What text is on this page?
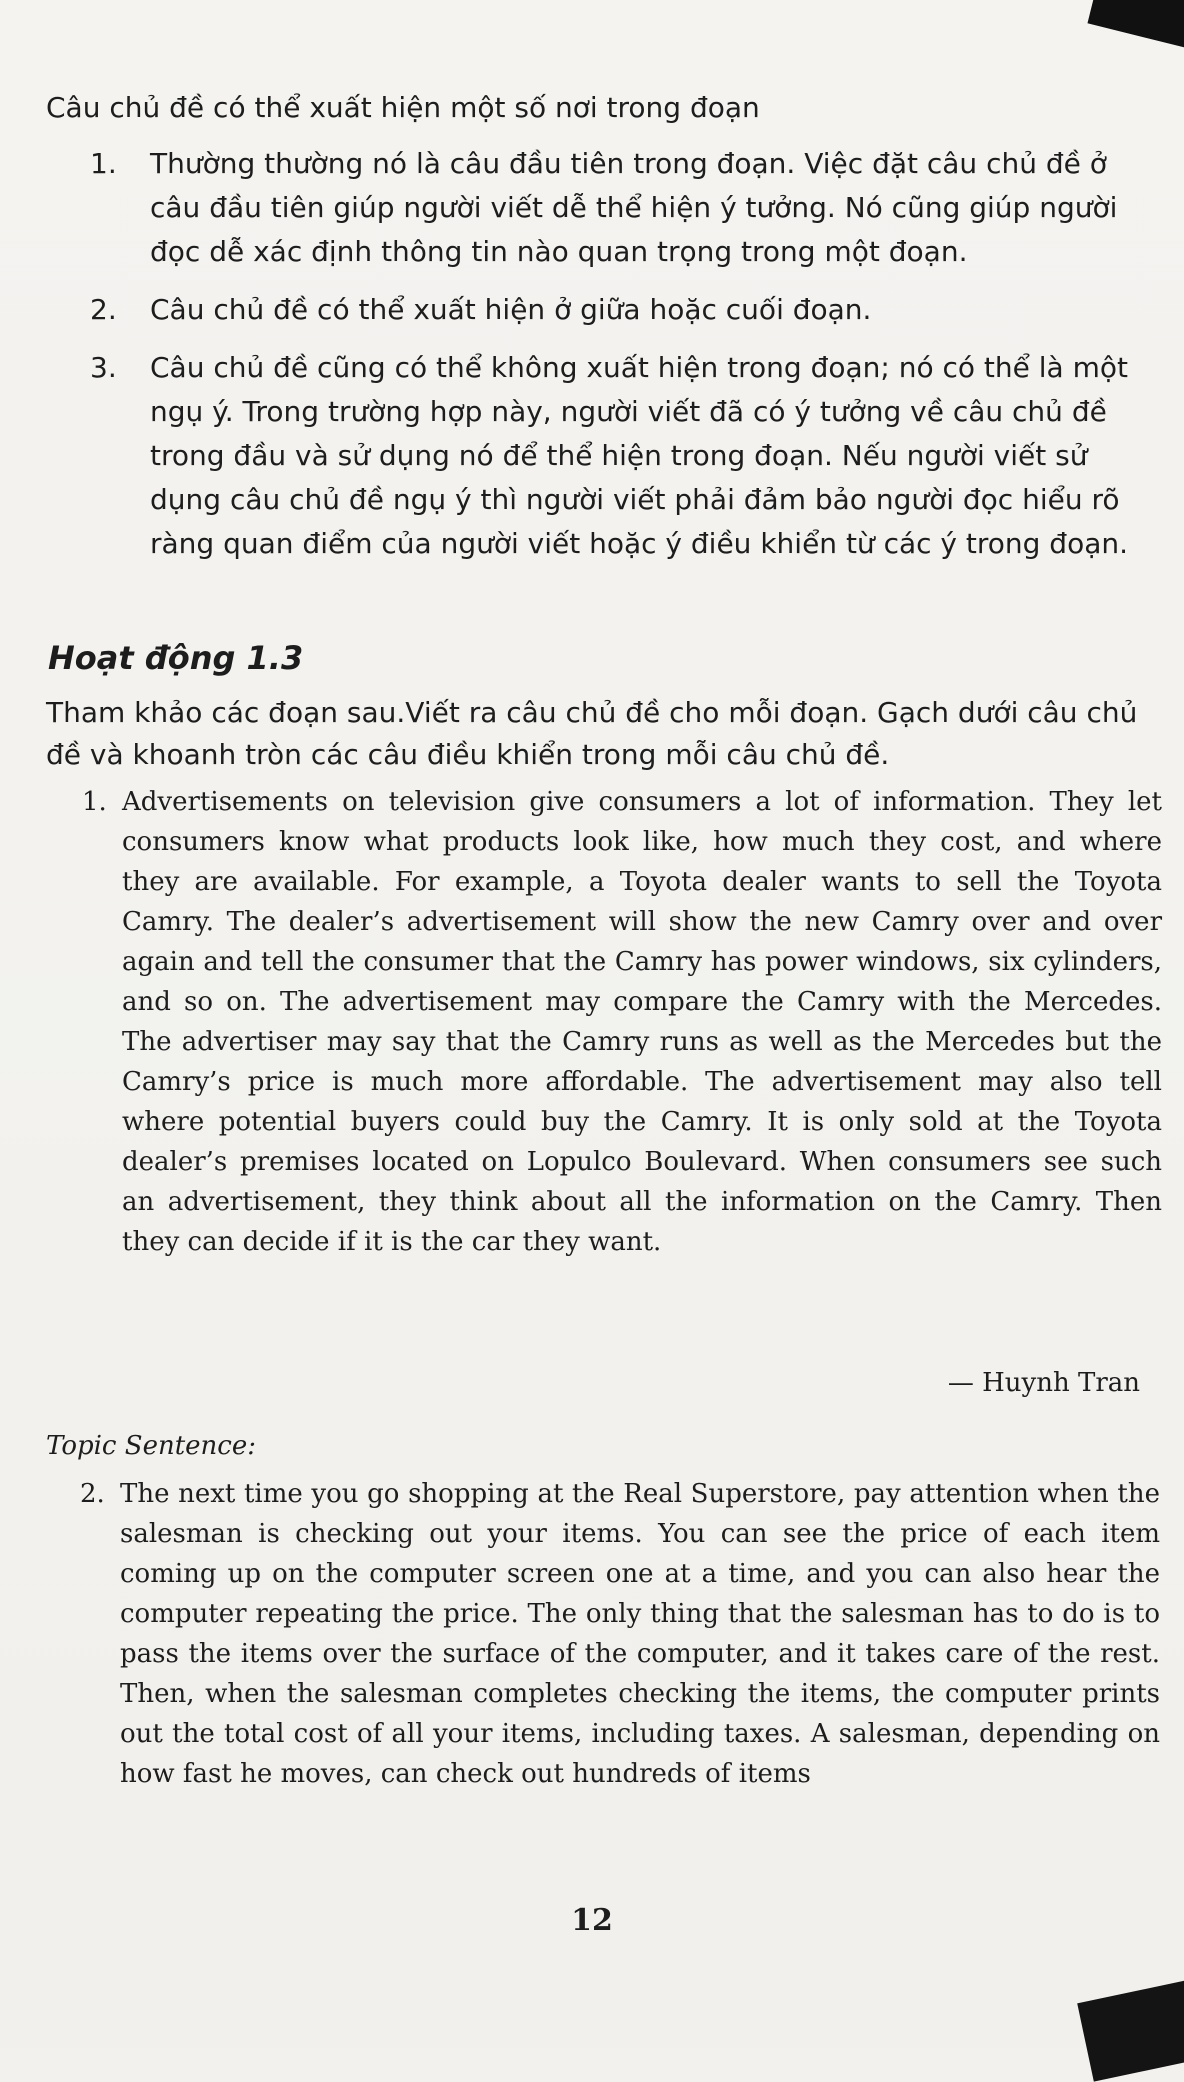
Câu chủ đề có thể xuất hiện một số nơi trong đoạn
1. Thường thường nó là câu đầu tiên trong đoạn. Việc đặt câu chủ đề ở câu đầu tiên giúp người viết dễ thể hiện ý tưởng. Nó cũng giúp người đọc dễ xác định thông tin nào quan trọng trong một đoạn.
2. Câu chủ đề có thể xuất hiện ở giữa hoặc cuối đoạn.
3. Câu chủ đề cũng có thể không xuất hiện trong đoạn; nó có thể là một ngụ ý. Trong trường hợp này, người viết đã có ý tưởng về câu chủ đề trong đầu và sử dụng nó để thể hiện trong đoạn. Nếu người viết sử dụng câu chủ đề ngụ ý thì người viết phải đảm bảo người đọc hiểu rõ ràng quan điểm của người viết hoặc ý điều khiển từ các ý trong đoạn.
Hoạt động 1.3
Tham khảo các đoạn sau.Viết ra câu chủ đề cho mỗi đoạn. Gạch dưới câu chủ đề và khoanh tròn các câu điều khiển trong mỗi câu chủ đề.
1. Advertisements on television give consumers a lot of information. They let consumers know what products look like, how much they cost, and where they are available. For example, a Toyota dealer wants to sell the Toyota Camry. The dealer’s advertisement will show the new Camry over and over again and tell the consumer that the Camry has power windows, six cylinders, and so on. The advertisement may compare the Camry with the Mercedes. The advertiser may say that the Camry runs as well as the Mercedes but the Camry’s price is much more affordable. The advertisement may also tell where potential buyers could buy the Camry. It is only sold at the Toyota dealer’s premises located on Lopulco Boulevard. When consumers see such an advertisement, they think about all the information on the Camry. Then they can decide if it is the car they want.
— Huynh Tran
Topic Sentence:
2. The next time you go shopping at the Real Superstore, pay attention when the salesman is checking out your items. You can see the price of each item coming up on the computer screen one at a time, and you can also hear the computer repeating the price. The only thing that the salesman has to do is to pass the items over the surface of the computer, and it takes care of the rest. Then, when the salesman completes checking the items, the computer prints out the total cost of all your items, including taxes. A salesman, depending on how fast he moves, can check out hundreds of items
12
